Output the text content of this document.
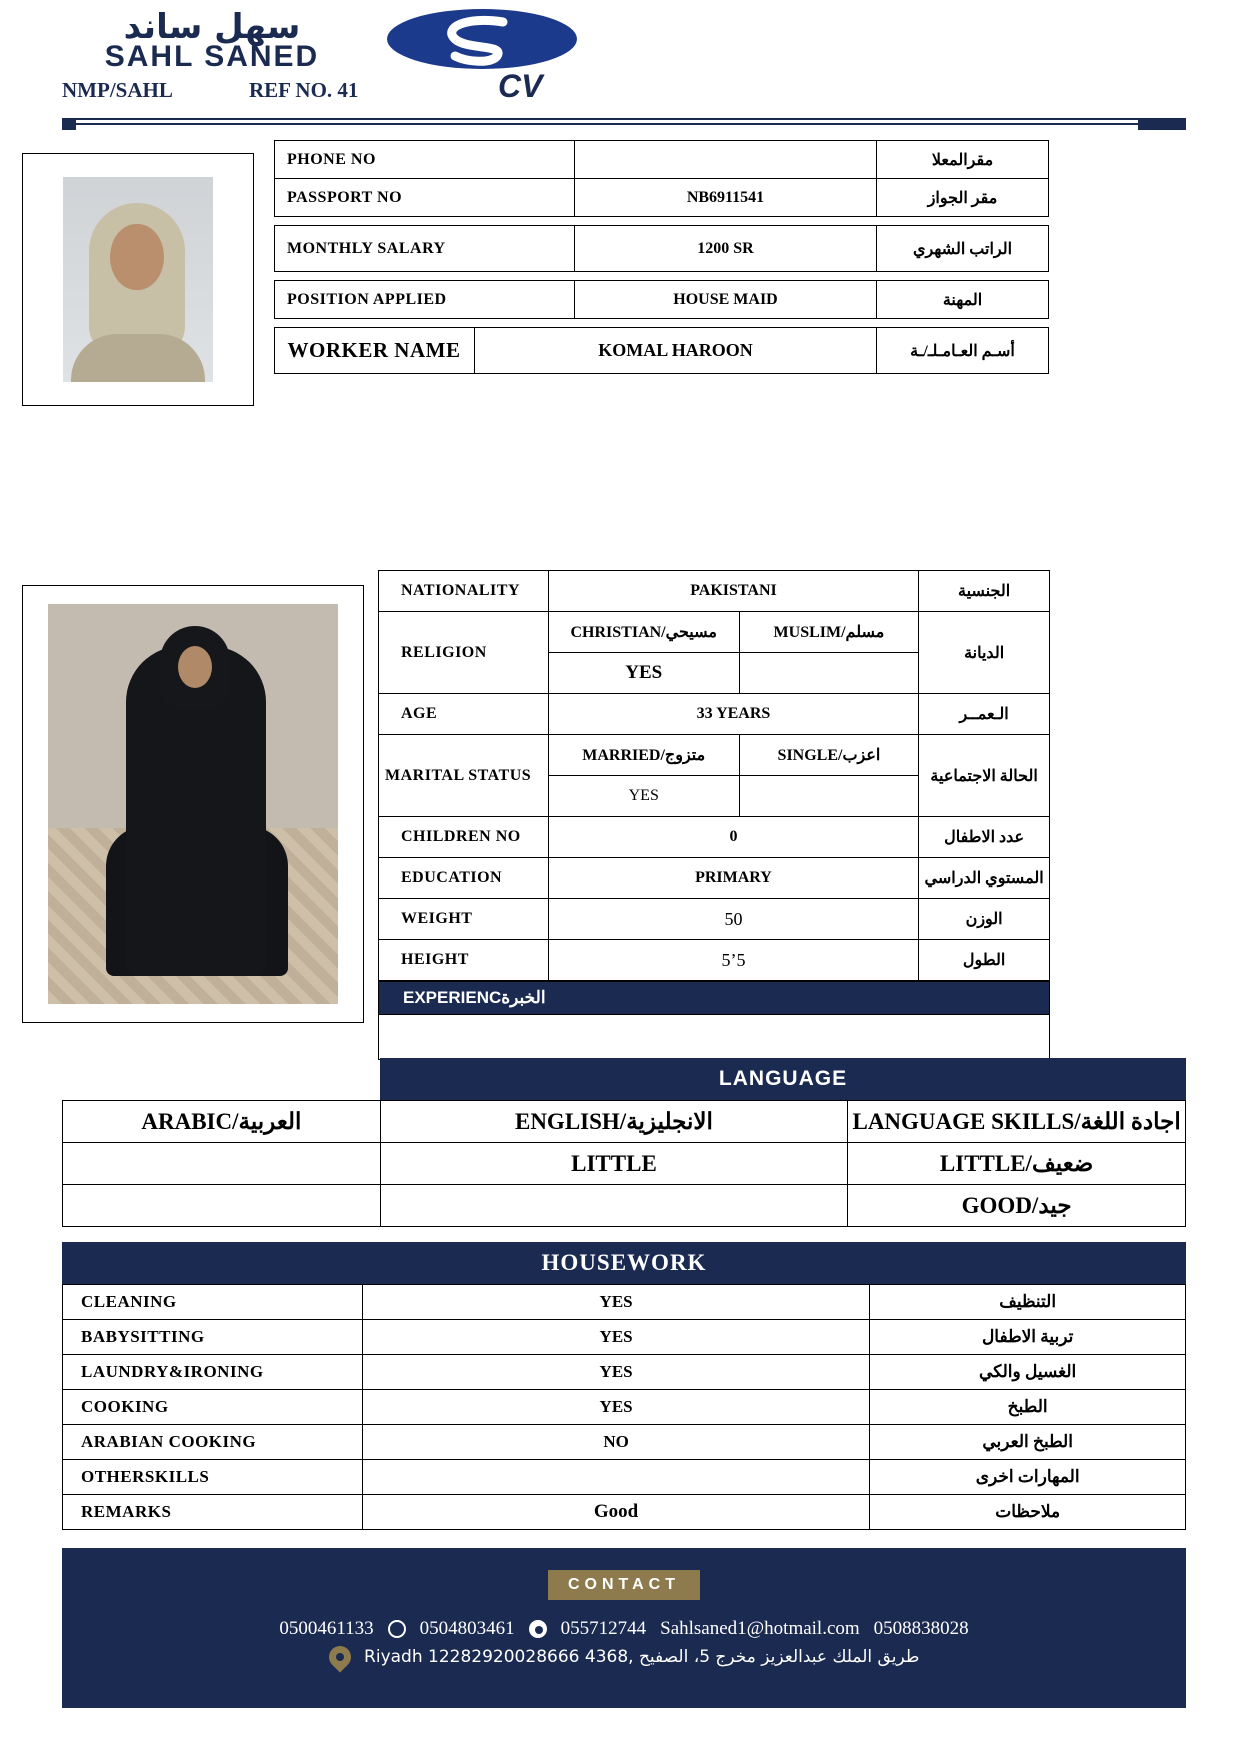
سهل ساند
SAHL SANED
CV
NMP/SAHL	REF NO. 41
PHONE NO		مقرالمعلا
PASSPORT NO	NB6911541	مقر الجواز
MONTHLY SALARY	1200 SR	الراتب الشهري
POSITION APPLIED	HOUSE MAID	المهنة
WORKER NAME	KOMAL HAROON	أسـم العـامـلـ/ـة
NATIONALITY	PAKISTANI		الجنسية
RELIGION	CHRISTIAN/مسيحي	MUSLIM/مسلم	الديانة
	YES		
AGE	33 YEARS		الـعمــر
MARITAL STATUS	MARRIED/متزوج	SINGLE/اعزب	الحالة الاجتماعية
	YES		
CHILDREN NO	0		عدد الاطفال
EDUCATION	PRIMARY		المستوي الدراسي
WEIGHT	50		الوزن
HEIGHT	5’5		الطول
EXPERIENCالخبرة
LANGUAGE
ARABIC/العربية	ENGLISH/الانجليزية	LANGUAGE SKILLS/اجادة اللغة
	LITTLE	LITTLE/ضعيف
		GOOD/جيد
HOUSEWORK
CLEANING	YES	التنظيف
BABYSITTING	YES	تربية الاطفال
LAUNDRY&IRONING	YES	الغسيل والكي
COOKING	YES	الطبخ
ARABIAN COOKING	NO	الطبخ العربي
OTHERSKILLS		المهارات اخرى
REMARKS	Good	ملاحظات
CONTACT
0500461133 0504803461 055712744 Sahlsaned1@hotmail.com 0508838028
طريق الملك عبدالعزيز مخرج 5، الصفيح ,4368 12282920028666 Riyadh
